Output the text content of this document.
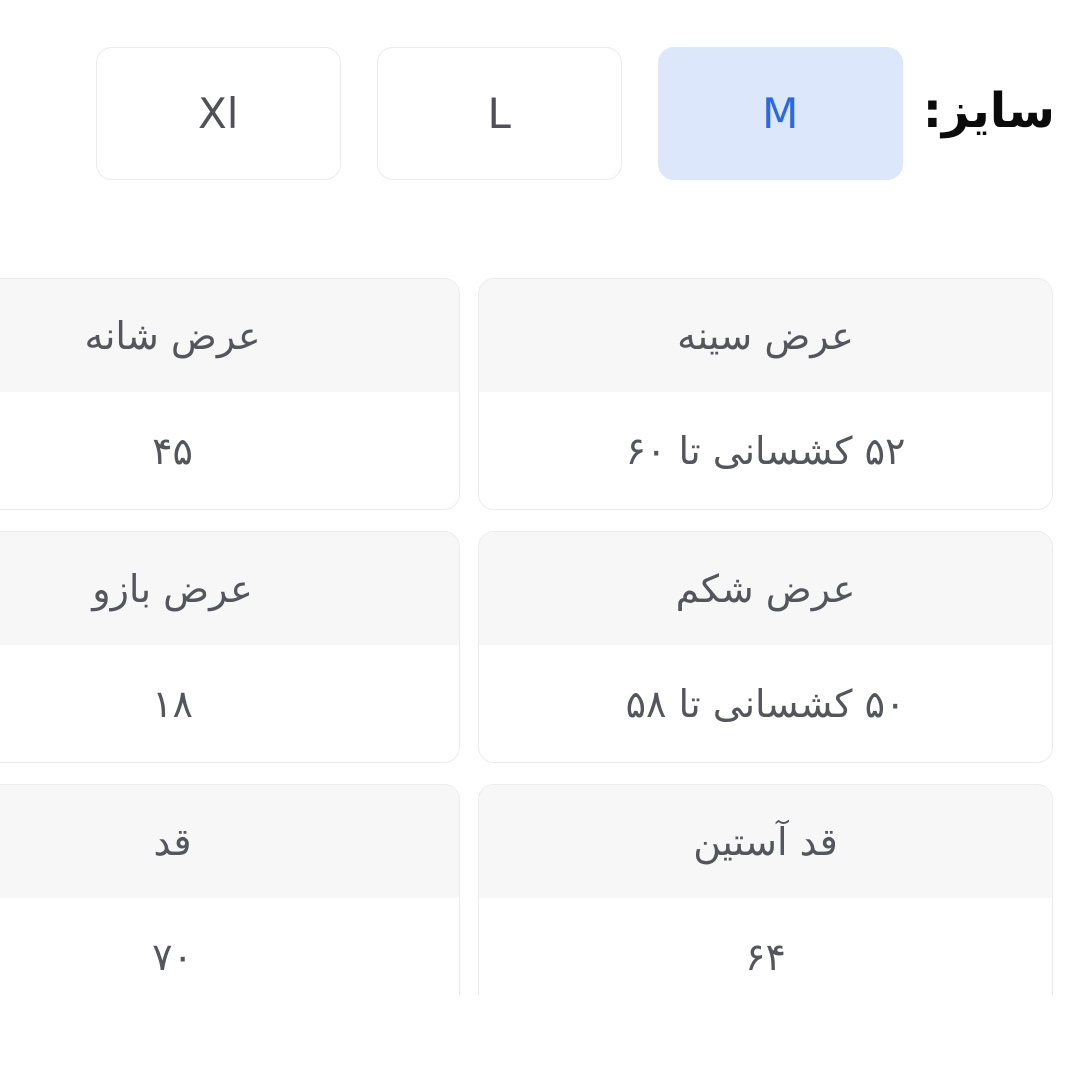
سایز:
M
L
Xl
عرض سینه
۵۲ کشسانی تا ۶۰
عرض شانه
۴۵
عرض شکم
۵۰ کشسانی تا ۵۸
عرض بازو
۱۸
قد آستین
۶۴
قد
۷۰
